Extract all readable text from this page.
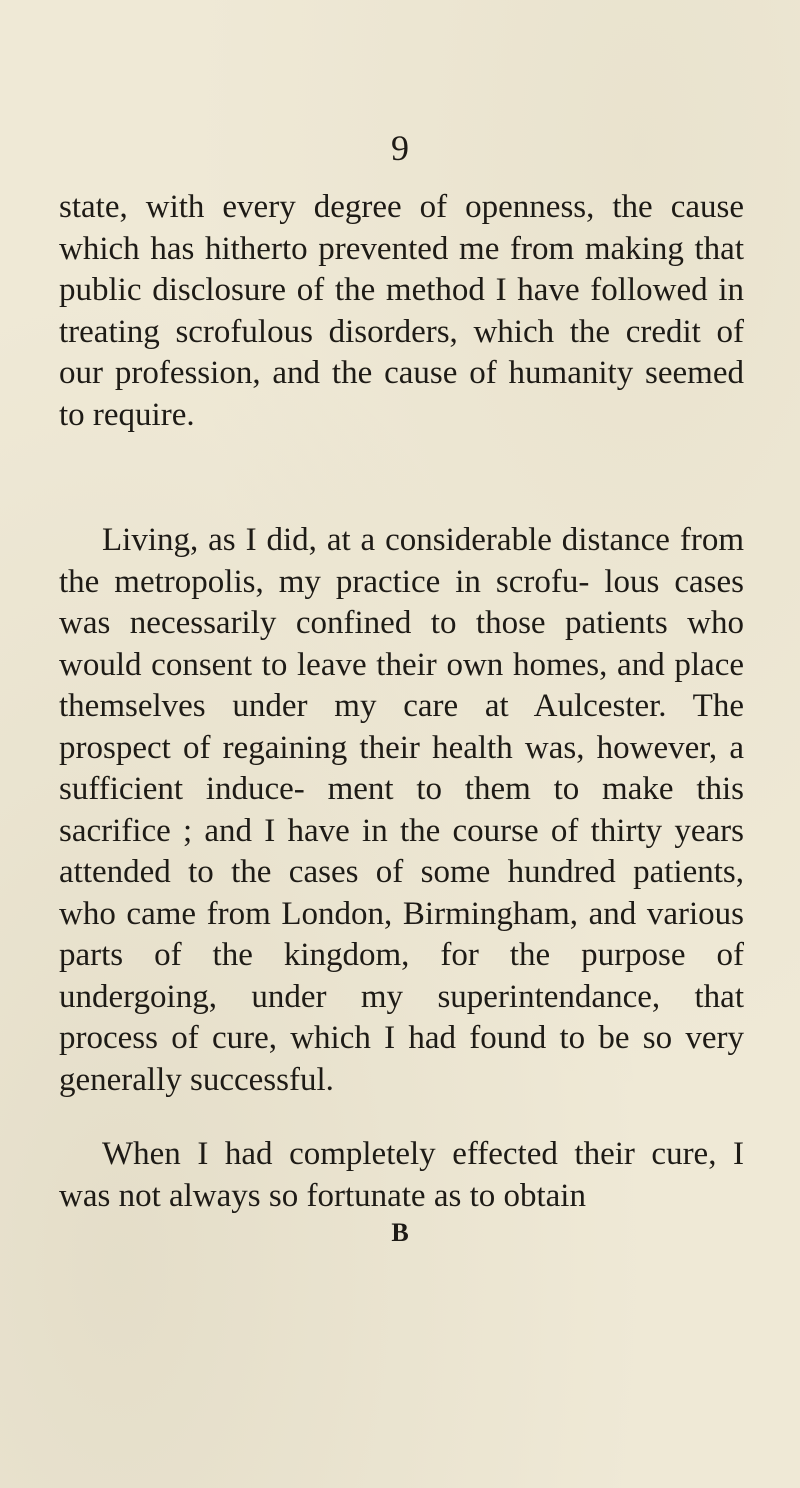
9

state, with every degree of openness, the cause which has hitherto prevented me from making that public disclosure of the method I have followed in treating scrofulous disorders, which the credit of our profession, and the cause of humanity seemed to require.

Living, as I did, at a considerable distance from the metropolis, my practice in scrofu- lous cases was necessarily confined to those patients who would consent to leave their own homes, and place themselves under my care at Aulcester. The prospect of regaining their health was, however, a sufficient induce- ment to them to make this sacrifice ; and I have in the course of thirty years attended to the cases of some hundred patients, who came from London, Birmingham, and various parts of the kingdom, for the purpose of undergoing, under my superintendance, that process of cure, which I had found to be so very generally successful.

When I had completely effected their cure, I was not always so fortunate as to obtain

B
